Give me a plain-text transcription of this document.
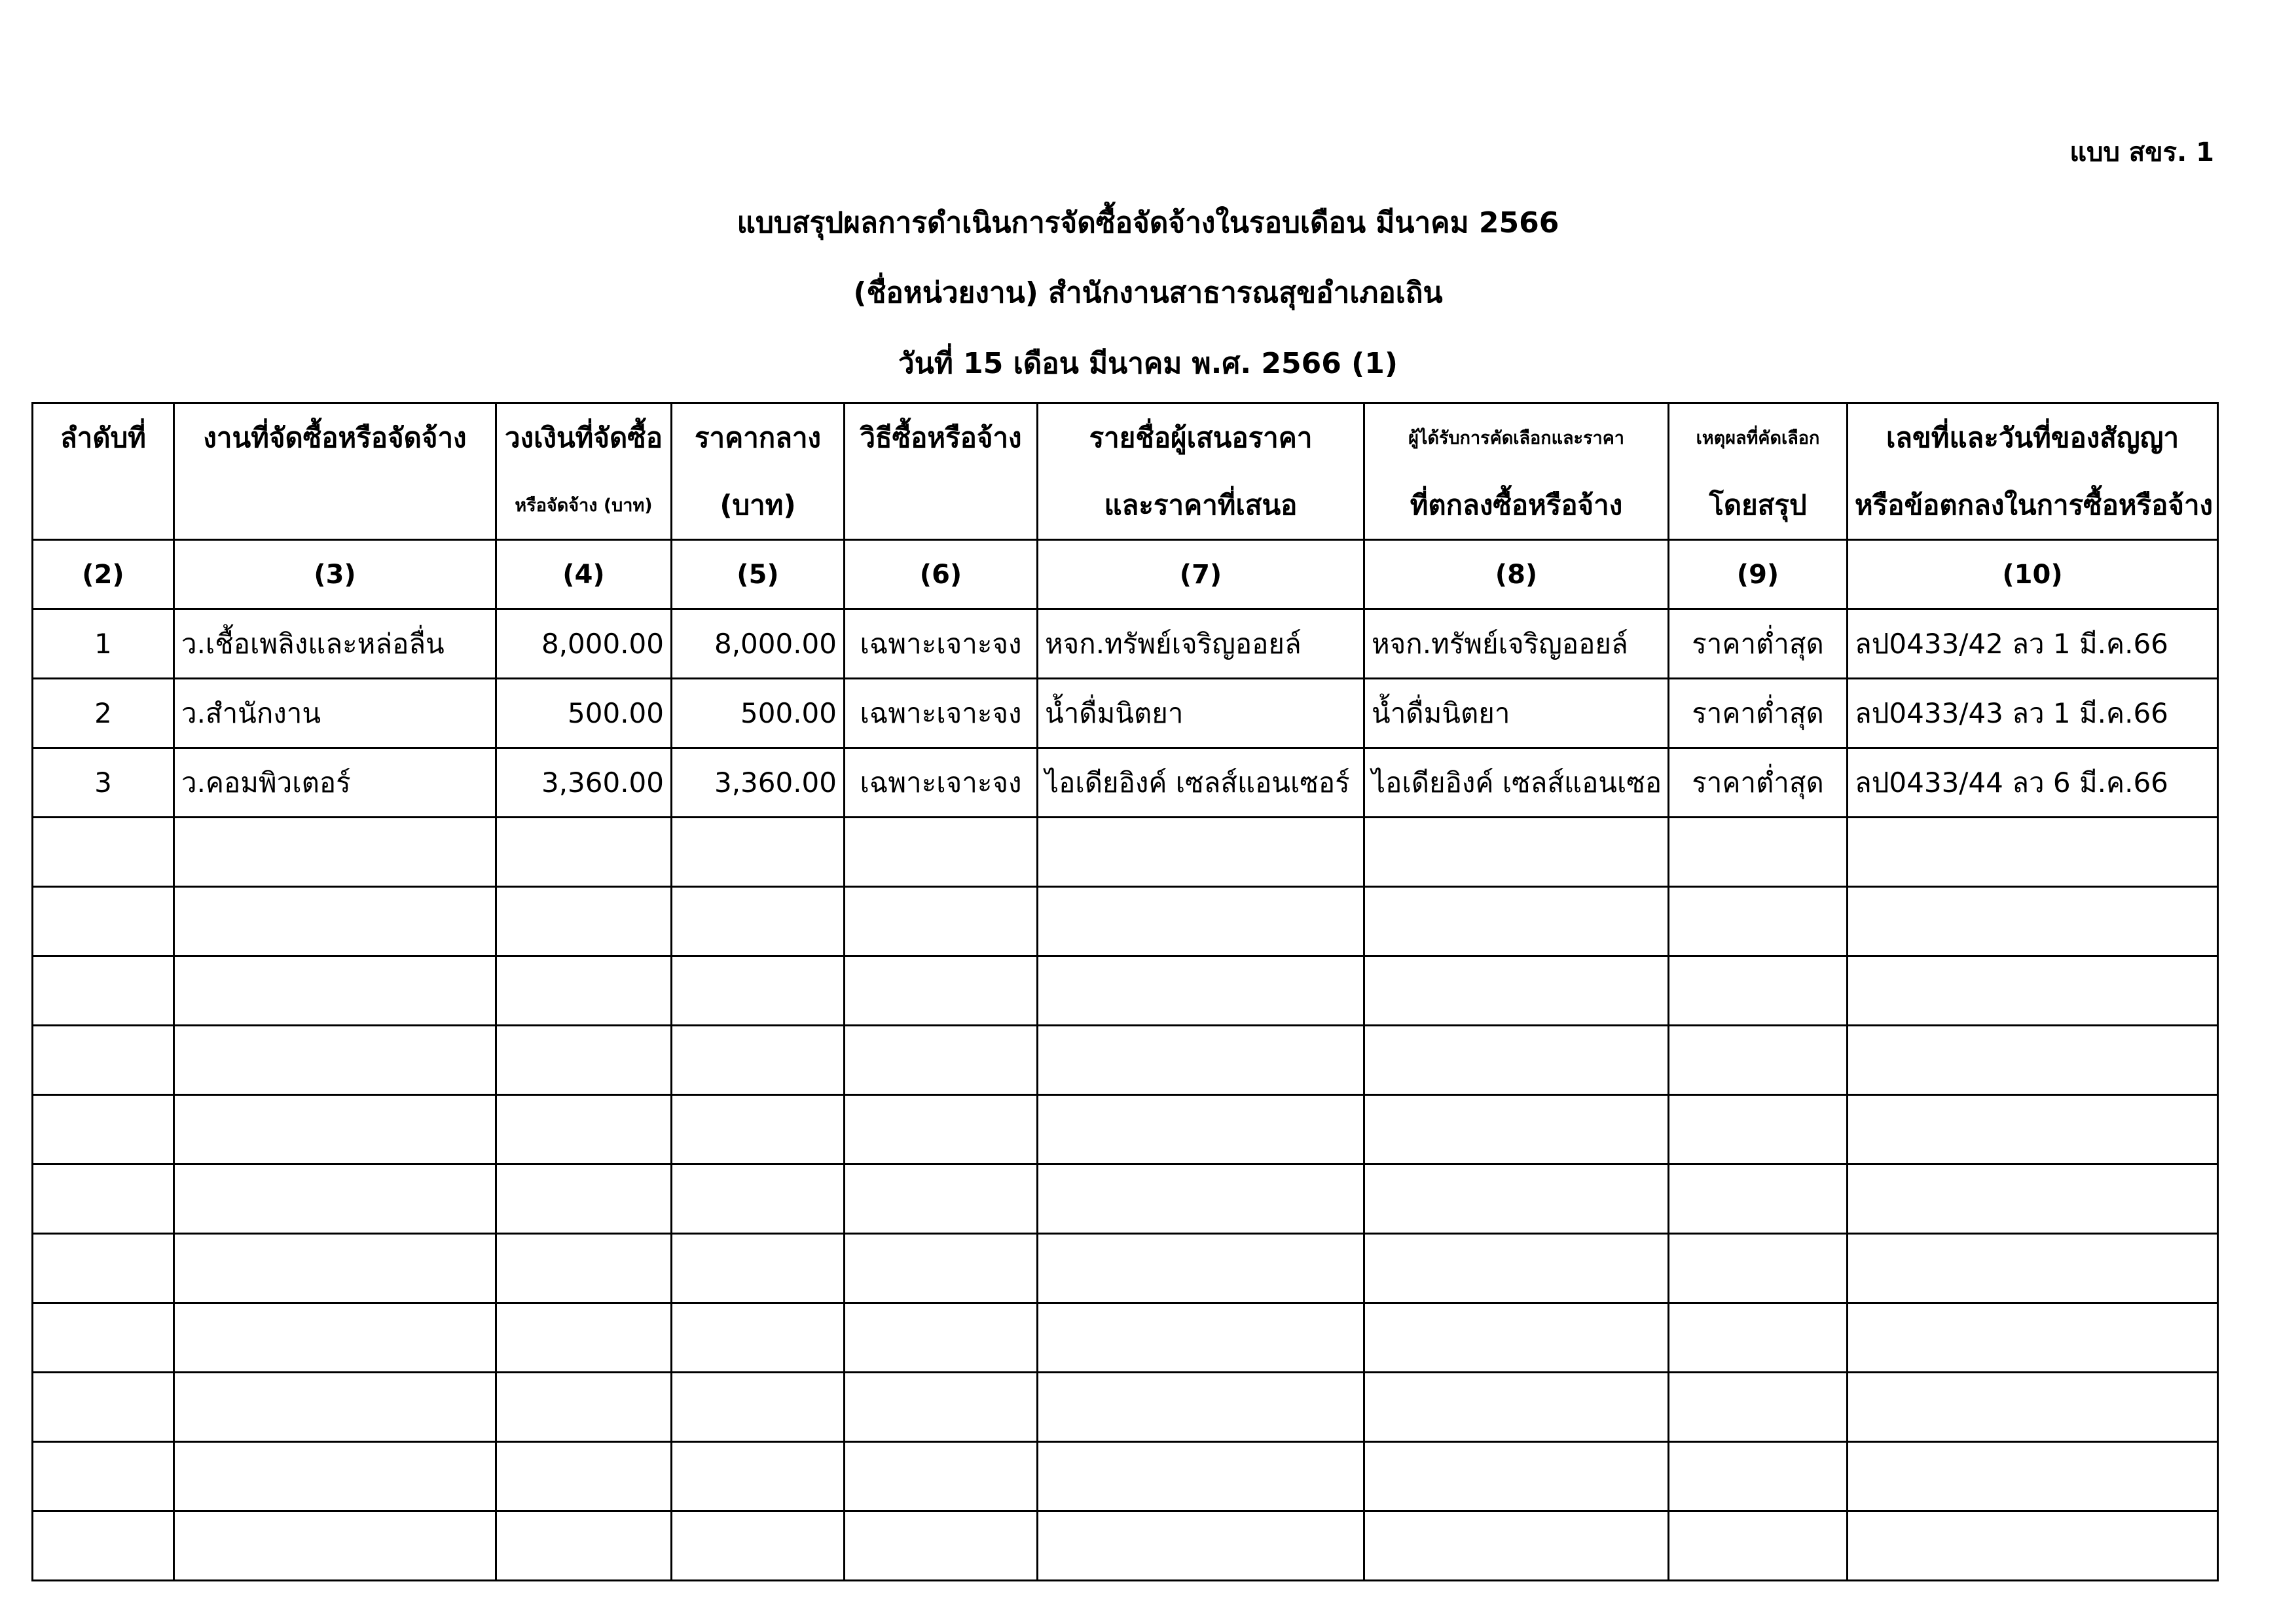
แบบ สขร. 1
แบบสรุปผลการดำเนินการจัดซื้อจัดจ้างในรอบเดือน มีนาคม 2566
(ชื่อหน่วยงาน) สำนักงานสาธารณสุขอำเภอเถิน
วันที่ 15 เดือน มีนาคม พ.ศ. 2566 (1)
ลำดับที่	งานที่จัดซื้อหรือจัดจ้าง	วงเงินที่จัดซื้อ	ราคากลาง	วิธีซื้อหรือจ้าง	รายชื่อผู้เสนอราคา	ผู้ได้รับการคัดเลือกและราคา	เหตุผลที่คัดเลือก	เลขที่และวันที่ของสัญญา
		หรือจัดจ้าง (บาท)	(บาท)		และราคาที่เสนอ	ที่ตกลงซื้อหรือจ้าง	โดยสรุป	หรือข้อตกลงในการซื้อหรือจ้าง
(2)	(3)	(4)	(5)	(6)	(7)	(8)	(9)	(10)
1	ว.เชื้อเพลิงและหล่อลื่น	8,000.00	8,000.00	เฉพาะเจาะจง	หจก.ทรัพย์เจริญออยล์	หจก.ทรัพย์เจริญออยล์	ราคาต่ำสุด	ลป0433/42 ลว 1 มี.ค.66
2	ว.สำนักงาน	500.00	500.00	เฉพาะเจาะจง	น้ำดื่มนิตยา	น้ำดื่มนิตยา	ราคาต่ำสุด	ลป0433/43 ลว 1 มี.ค.66
3	ว.คอมพิวเตอร์	3,360.00	3,360.00	เฉพาะเจาะจง	ไอเดียอิงค์ เซลส์แอนเซอร์	ไอเดียอิงค์ เซลส์แอนเซอ	ราคาต่ำสุด	ลป0433/44 ลว 6 มี.ค.66
